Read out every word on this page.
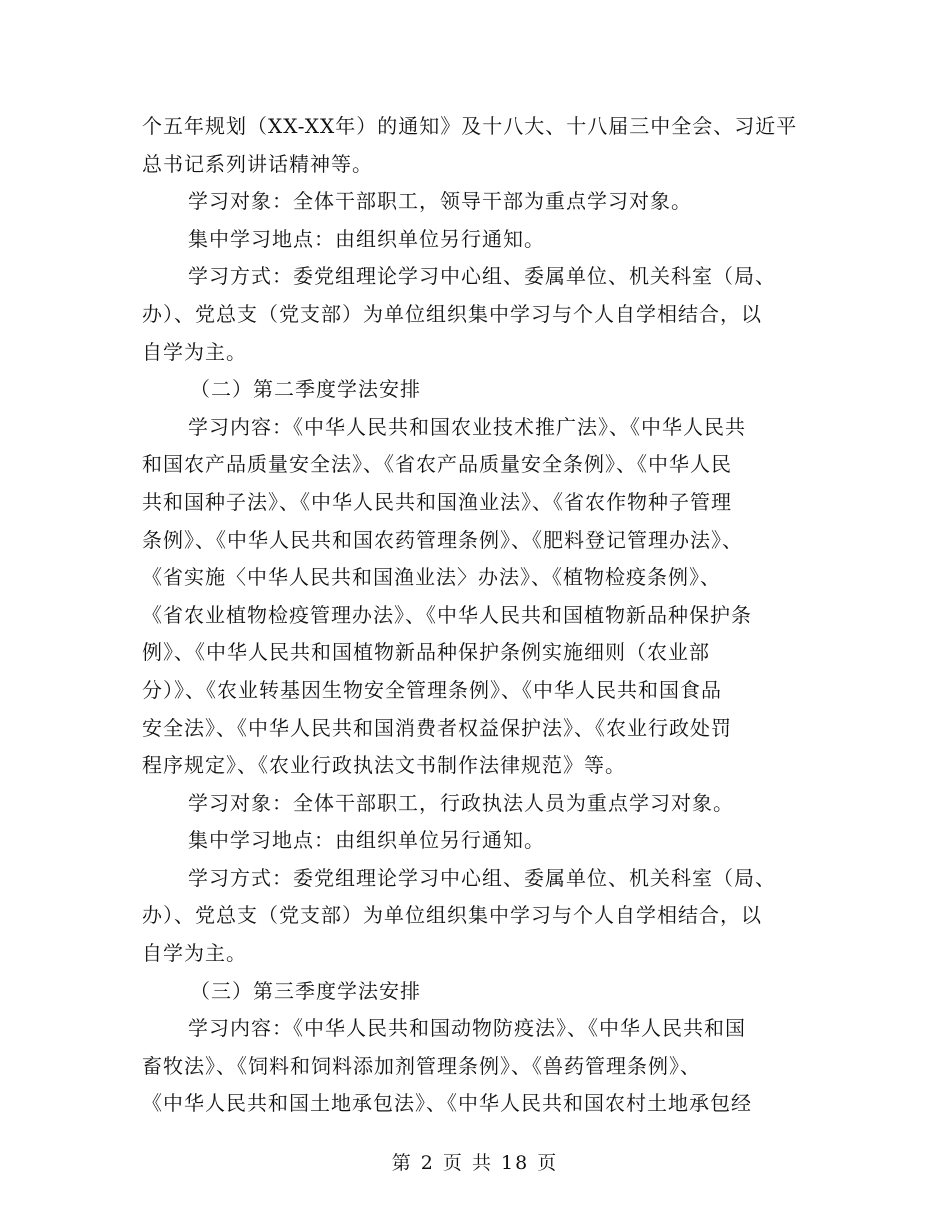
个五年规划（XX-XX年）的通知》及十八大、十八届三中全会、习近平
总书记系列讲话精神等。
学习对象：全体干部职工，领导干部为重点学习对象。
集中学习地点：由组织单位另行通知。
学习方式：委党组理论学习中心组、委属单位、机关科室（局、
办）、党总支（党支部）为单位组织集中学习与个人自学相结合，以
自学为主。
（二）第二季度学法安排
学习内容：《中华人民共和国农业技术推广法》、《中华人民共
和国农产品质量安全法》、《省农产品质量安全条例》、《中华人民
共和国种子法》、《中华人民共和国渔业法》、《省农作物种子管理
条例》、《中华人民共和国农药管理条例》、《肥料登记管理办法》、
《省实施〈中华人民共和国渔业法〉办法》、《植物检疫条例》、
《省农业植物检疫管理办法》、《中华人民共和国植物新品种保护条
例》、《中华人民共和国植物新品种保护条例实施细则（农业部
分）》、《农业转基因生物安全管理条例》、《中华人民共和国食品
安全法》、《中华人民共和国消费者权益保护法》、《农业行政处罚
程序规定》、《农业行政执法文书制作法律规范》等。
学习对象：全体干部职工，行政执法人员为重点学习对象。
集中学习地点：由组织单位另行通知。
学习方式：委党组理论学习中心组、委属单位、机关科室（局、
办）、党总支（党支部）为单位组织集中学习与个人自学相结合，以
自学为主。
（三）第三季度学法安排
学习内容：《中华人民共和国动物防疫法》、《中华人民共和国
畜牧法》、《饲料和饲料添加剂管理条例》、《兽药管理条例》、
《中华人民共和国土地承包法》、《中华人民共和国农村土地承包经
第 2 页 共 18 页
